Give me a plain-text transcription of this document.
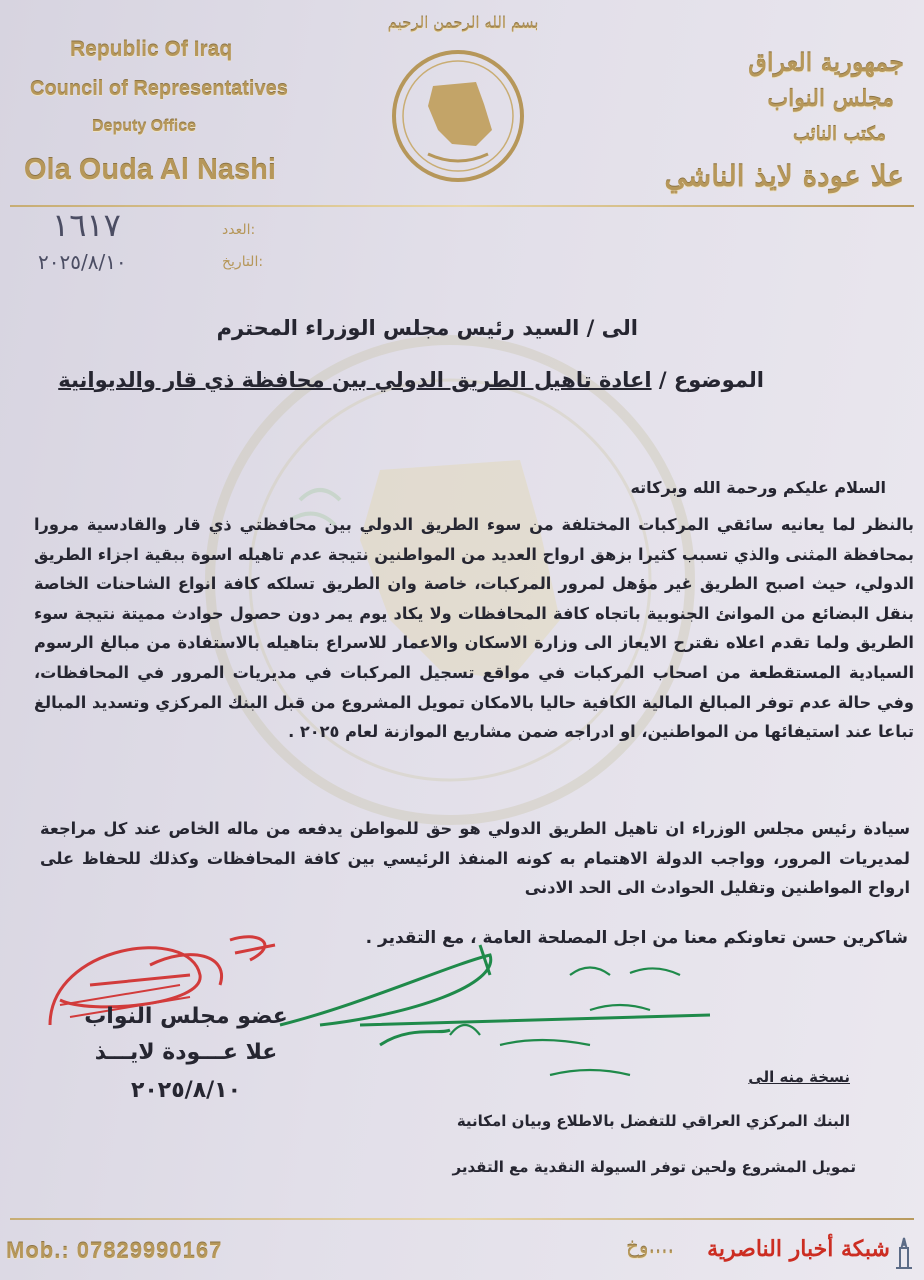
Republic Of Iraq
Council of Representatives
Deputy Office
Ola Ouda Al Nashi
جمهورية العراق
مجلس النواب
مكتب النائب
علا عودة لايذ الناشي
بسم الله الرحمن الرحيم
العدد:
١٦١٧
التاريخ:
٢٠٢٥/٨/١٠
الى / السيد رئيس مجلس الوزراء المحترم
الموضوع / اعادة تاهيل الطريق الدولي بين محافظة ذي قار والديوانية
السلام عليكم ورحمة الله وبركاته
بالنظر لما يعانيه سائقي المركبات المختلفة من سوء الطريق الدولي بين محافظتي ذي قار والقادسية مرورا بمحافظة المثنى والذي تسبب كثيرا بزهق ارواح العديد من المواطنين نتيجة عدم تاهيله اسوة ببقية اجزاء الطريق الدولي، حيث اصبح الطريق غير مؤهل لمرور المركبات، خاصة وان الطريق تسلكه كافة انواع الشاحنات الخاصة بنقل البضائع من الموانئ الجنوبية باتجاه كافة المحافظات ولا يكاد يوم يمر دون حصول حوادث مميتة نتيجة سوء الطريق ولما تقدم اعلاه نقترح الايعاز الى وزارة الاسكان والاعمار للاسراع بتاهيله بالاستفادة من مبالغ الرسوم السيادية المستقطعة من اصحاب المركبات في مواقع تسجيل المركبات في مديريات المرور في المحافظات، وفي حالة عدم توفر المبالغ المالية الكافية حاليا بالامكان تمويل المشروع من قبل البنك المركزي وتسديد المبالغ تباعا عند استيفائها من المواطنين، او ادراجه ضمن مشاريع الموازنة لعام ٢٠٢٥ .
سيادة رئيس مجلس الوزراء ان تاهيل الطريق الدولي هو حق للمواطن يدفعه من ماله الخاص عند كل مراجعة لمديريات المرور، وواجب الدولة الاهتمام به كونه المنفذ الرئيسي بين كافة المحافظات وكذلك للحفاظ على ارواح المواطنين وتقليل الحوادث الى الحد الادنى
شاكرين حسن تعاونكم معنا من اجل المصلحة العامة ، مع التقدير .
عضو مجلس النواب
علا عـــودة لايـــذ
٢٠٢٥/٨/١٠
نسخة منه الى
البنك المركزي العراقي للتفضل بالاطلاع وبيان امكانية
تمويل المشروع ولحين توفر السيولة النقدية مع التقدير
Mob.: 07829990167	....وخ شبكة أخبار الناصرية
